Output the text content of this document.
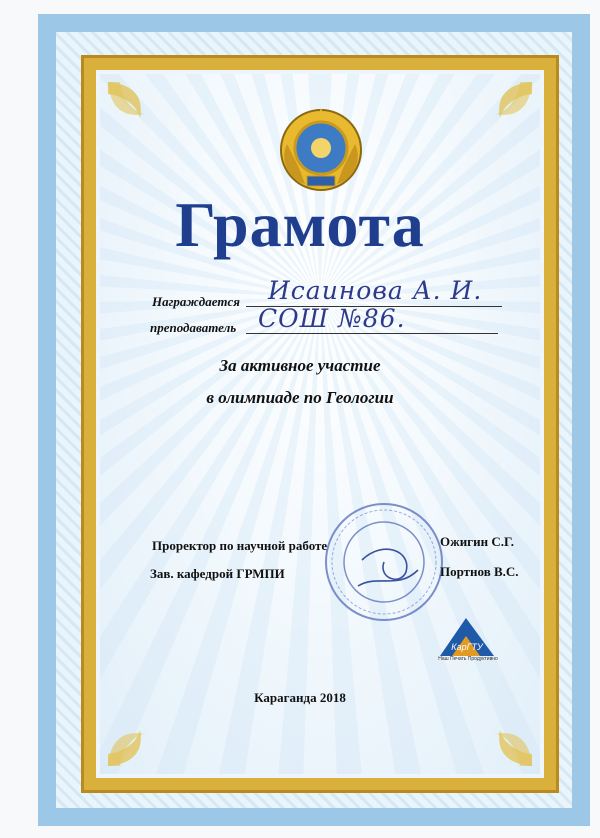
Грамота
Награждается Исаинова А. И.
преподаватель СОШ №86.
За активное участие
в олимпиаде по Геологии
Проректор по научной работе	Ожигин С.Г.
Зав. кафедрой ГРМПИ	Портнов В.С.
КарГТУ
Наш Печать Продуктивно
Караганда 2018
